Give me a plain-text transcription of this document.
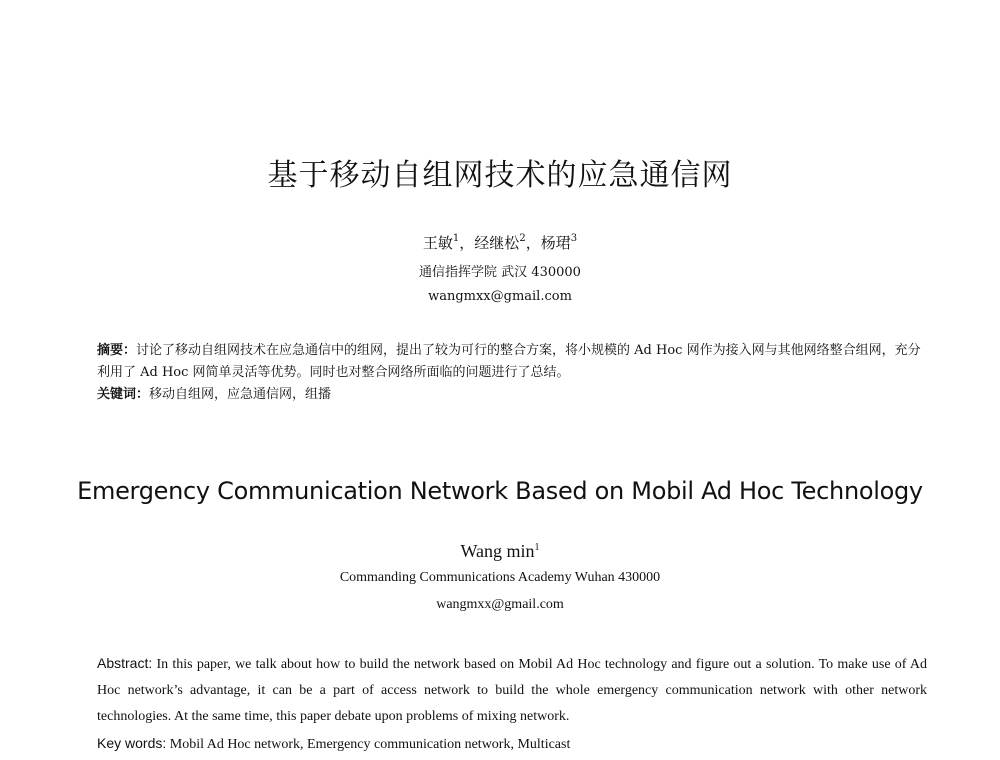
基于移动自组网技术的应急通信网
王敏$^1$，经继松$^2$，杨珺$^3$
通信指挥学院 武汉 430000
wangmxx@gmail.com
摘要：讨论了移动自组网技术在应急通信中的组网，提出了较为可行的整合方案，将小规模的 Ad Hoc 网作为接入网与其他网络整合组网，充分利用了 Ad Hoc 网简单灵活等优势。同时也对整合网络所面临的问题进行了总结。
关键词：移动自组网，应急通信网，组播
Emergency Communication Network Based on Mobil Ad Hoc Technology
Wang $\min^1$
Commanding Communications Academy Wuhan 430000
wangmxx@gmail.com
Abstract: In this paper, we talk about how to build the network based on Mobil Ad Hoc technology and figure out a solution. To make use of Ad Hoc network’s advantage, it can be a part of access network to build the whole emergency communication network with other network technologies. At the same time, this paper debate upon problems of mixing network.
Key words: Mobil Ad Hoc network, Emergency communication network, Multicast
